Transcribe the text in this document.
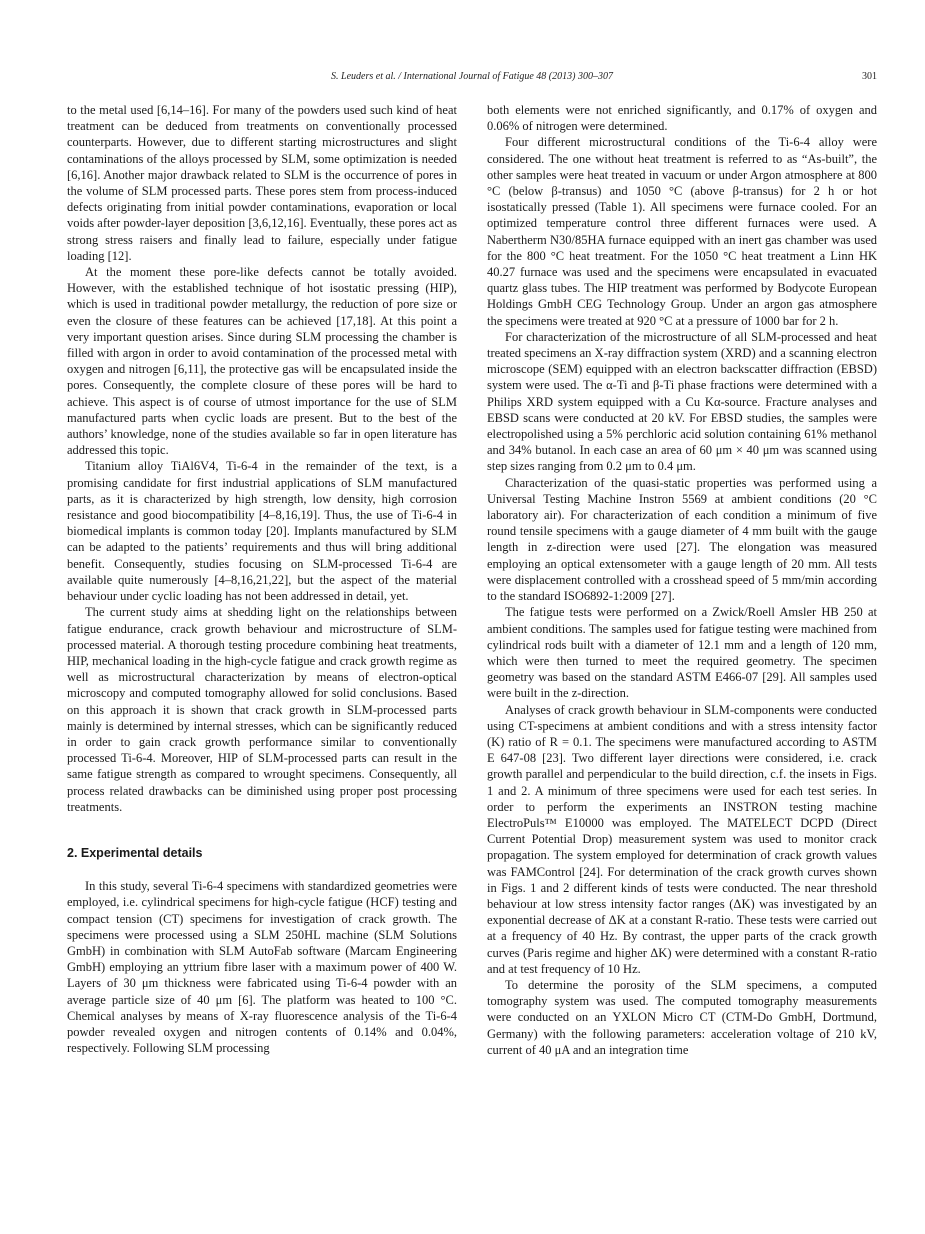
S. Leuders et al. / International Journal of Fatigue 48 (2013) 300–307	301

to the metal used [6,14–16]. For many of the powders used such kind of heat treatment can be deduced from treatments on conventionally processed counterparts. However, due to different starting microstructures and slight contaminations of the alloys processed by SLM, some optimization is needed [6,16]. Another major drawback related to SLM is the occurrence of pores in the volume of SLM processed parts. These pores stem from process-induced defects originating from initial powder contaminations, evaporation or local voids after powder-layer deposition [3,6,12,16]. Eventually, these pores act as strong stress raisers and finally lead to failure, especially under fatigue loading [12].

At the moment these pore-like defects cannot be totally avoided. However, with the established technique of hot isostatic pressing (HIP), which is used in traditional powder metallurgy, the reduction of pore size or even the closure of these features can be achieved [17,18]. At this point a very important question arises. Since during SLM processing the chamber is filled with argon in order to avoid contamination of the processed metal with oxygen and nitrogen [6,11], the protective gas will be encapsulated inside the pores. Consequently, the complete closure of these pores will be hard to achieve. This aspect is of course of utmost importance for the use of SLM manufactured parts when cyclic loads are present. But to the best of the authors’ knowledge, none of the studies available so far in open literature has addressed this topic.

Titanium alloy TiAl6V4, Ti-6-4 in the remainder of the text, is a promising candidate for first industrial applications of SLM manufactured parts, as it is characterized by high strength, low density, high corrosion resistance and good biocompatibility [4–8,16,19]. Thus, the use of Ti-6-4 in biomedical implants is common today [20]. Implants manufactured by SLM can be adapted to the patients’ requirements and thus will bring additional benefit. Consequently, studies focusing on SLM-processed Ti-6-4 are available quite numerously [4–8,16,21,22], but the aspect of the material behaviour under cyclic loading has not been addressed in detail, yet.

The current study aims at shedding light on the relationships between fatigue endurance, crack growth behaviour and microstructure of SLM-processed material. A thorough testing procedure combining heat treatments, HIP, mechanical loading in the high-cycle fatigue and crack growth regime as well as microstructural characterization by means of electron-optical microscopy and computed tomography allowed for solid conclusions. Based on this approach it is shown that crack growth in SLM-processed parts mainly is determined by internal stresses, which can be significantly reduced in order to gain crack growth performance similar to conventionally processed Ti-6-4. Moreover, HIP of SLM-processed parts can result in the same fatigue strength as compared to wrought specimens. Consequently, all process related drawbacks can be diminished using proper post processing treatments.

2. Experimental details

In this study, several Ti-6-4 specimens with standardized geometries were employed, i.e. cylindrical specimens for high-cycle fatigue (HCF) testing and compact tension (CT) specimens for investigation of crack growth. The specimens were processed using a SLM 250HL machine (SLM Solutions GmbH) in combination with SLM AutoFab software (Marcam Engineering GmbH) employing an yttrium fibre laser with a maximum power of 400 W. Layers of 30 μm thickness were fabricated using Ti-6-4 powder with an average particle size of 40 μm [6]. The platform was heated to 100 °C. Chemical analyses by means of X-ray fluorescence analysis of the Ti-6-4 powder revealed oxygen and nitrogen contents of 0.14% and 0.04%, respectively. Following SLM processing

both elements were not enriched significantly, and 0.17% of oxygen and 0.06% of nitrogen were determined.

Four different microstructural conditions of the Ti-6-4 alloy were considered. The one without heat treatment is referred to as “As-built”, the other samples were heat treated in vacuum or under Argon atmosphere at 800 °C (below β-transus) and 1050 °C (above β-transus) for 2 h or hot isostatically pressed (Table 1). All specimens were furnace cooled. For an optimized temperature control three different furnaces were used. A Nabertherm N30/85HA furnace equipped with an inert gas chamber was used for the 800 °C heat treatment. For the 1050 °C heat treatment a Linn HK 40.27 furnace was used and the specimens were encapsulated in evacuated quartz glass tubes. The HIP treatment was performed by Bodycote European Holdings GmbH CEG Technology Group. Under an argon gas atmosphere the specimens were treated at 920 °C at a pressure of 1000 bar for 2 h.

For characterization of the microstructure of all SLM-processed and heat treated specimens an X-ray diffraction system (XRD) and a scanning electron microscope (SEM) equipped with an electron backscatter diffraction (EBSD) system were used. The α-Ti and β-Ti phase fractions were determined with a Philips XRD system equipped with a Cu Kα-source. Fracture analyses and EBSD scans were conducted at 20 kV. For EBSD studies, the samples were electropolished using a 5% perchloric acid solution containing 61% methanol and 34% butanol. In each case an area of 60 μm × 40 μm was scanned using step sizes ranging from 0.2 μm to 0.4 μm.

Characterization of the quasi-static properties was performed using a Universal Testing Machine Instron 5569 at ambient conditions (20 °C laboratory air). For characterization of each condition a minimum of five round tensile specimens with a gauge diameter of 4 mm built with the gauge length in z-direction were used [27]. The elongation was measured employing an optical extensometer with a gauge length of 20 mm. All tests were displacement controlled with a crosshead speed of 5 mm/min according to the standard ISO6892-1:2009 [27].

The fatigue tests were performed on a Zwick/Roell Amsler HB 250 at ambient conditions. The samples used for fatigue testing were machined from cylindrical rods built with a diameter of 12.1 mm and a length of 120 mm, which were then turned to meet the required geometry. The specimen geometry was based on the standard ASTM E466-07 [29]. All samples used were built in the z-direction.

Analyses of crack growth behaviour in SLM-components were conducted using CT-specimens at ambient conditions and with a stress intensity factor (K) ratio of R = 0.1. The specimens were manufactured according to ASTM E 647-08 [23]. Two different layer directions were considered, i.e. crack growth parallel and perpendicular to the build direction, c.f. the insets in Figs. 1 and 2. A minimum of three specimens were used for each test series. In order to perform the experiments an INSTRON testing machine ElectroPuls™ E10000 was employed. The MATELECT DCPD (Direct Current Potential Drop) measurement system was used to monitor crack propagation. The system employed for determination of crack growth values was FAMControl [24]. For determination of the crack growth curves shown in Figs. 1 and 2 different kinds of tests were conducted. The near threshold behaviour at low stress intensity factor ranges (ΔK) was investigated by an exponential decrease of ΔK at a constant R-ratio. These tests were carried out at a frequency of 40 Hz. By contrast, the upper parts of the crack growth curves (Paris regime and higher ΔK) were determined with a constant R-ratio and at test frequency of 10 Hz.

To determine the porosity of the SLM specimens, a computed tomography system was used. The computed tomography measurements were conducted on an YXLON Micro CT (CTM-Do GmbH, Dortmund, Germany) with the following parameters: acceleration voltage of 210 kV, current of 40 μA and an integration time
